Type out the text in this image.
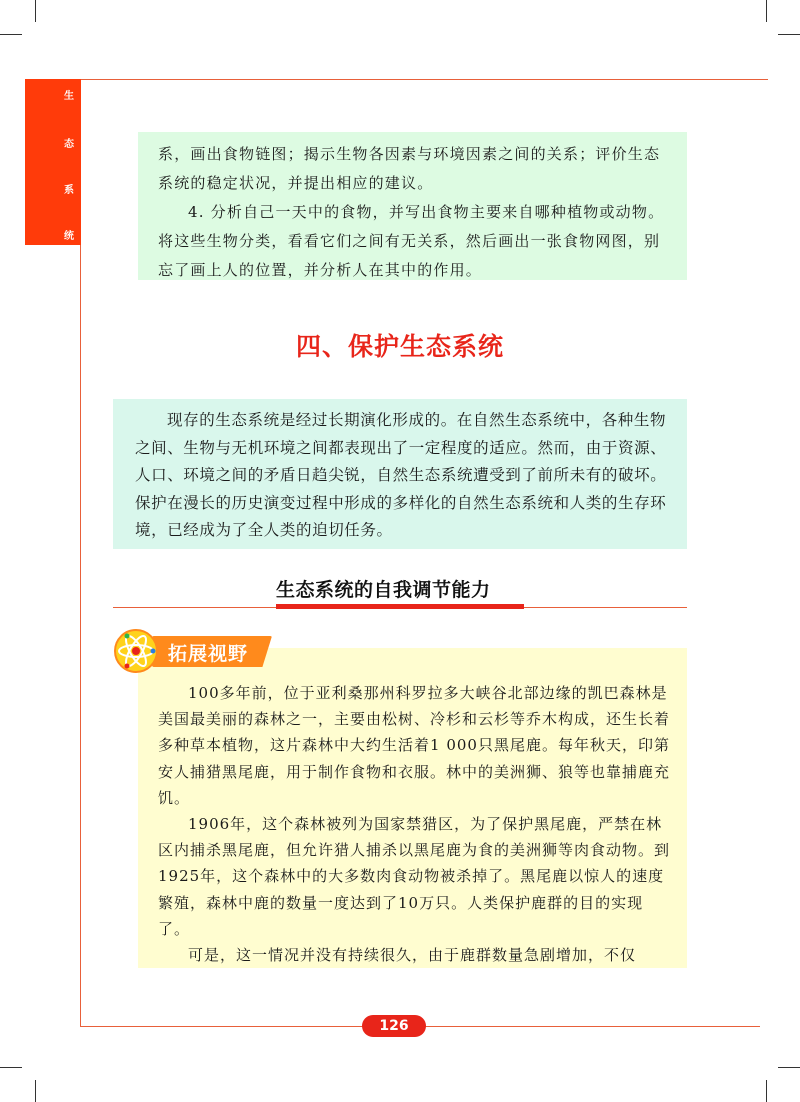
生
态
系
统

系，画出食物链图；揭示生物各因素与环境因素之间的关系；评价生态系统的稳定状况，并提出相应的建议。

4. 分析自己一天中的食物，并写出食物主要来自哪种植物或动物。将这些生物分类，看看它们之间有无关系，然后画出一张食物网图，别忘了画上人的位置，并分析人在其中的作用。

四、保护生态系统

现存的生态系统是经过长期演化形成的。在自然生态系统中，各种生物之间、生物与无机环境之间都表现出了一定程度的适应。然而，由于资源、人口、环境之间的矛盾日趋尖锐，自然生态系统遭受到了前所未有的破坏。保护在漫长的历史演变过程中形成的多样化的自然生态系统和人类的生存环境，已经成为了全人类的迫切任务。

生态系统的自我调节能力

100多年前，位于亚利桑那州科罗拉多大峡谷北部边缘的凯巴森林是美国最美丽的森林之一，主要由松树、冷杉和云杉等乔木构成，还生长着多种草本植物，这片森林中大约生活着1 000只黑尾鹿。每年秋天，印第安人捕猎黑尾鹿，用于制作食物和衣服。林中的美洲狮、狼等也靠捕鹿充饥。

1906年，这个森林被列为国家禁猎区，为了保护黑尾鹿，严禁在林区内捕杀黑尾鹿，但允许猎人捕杀以黑尾鹿为食的美洲狮等肉食动物。到1925年，这个森林中的大多数肉食动物被杀掉了。黑尾鹿以惊人的速度繁殖，森林中鹿的数量一度达到了10万只。人类保护鹿群的目的实现了。

可是，这一情况并没有持续很久，由于鹿群数量急剧增加，不仅

拓展视野
126
